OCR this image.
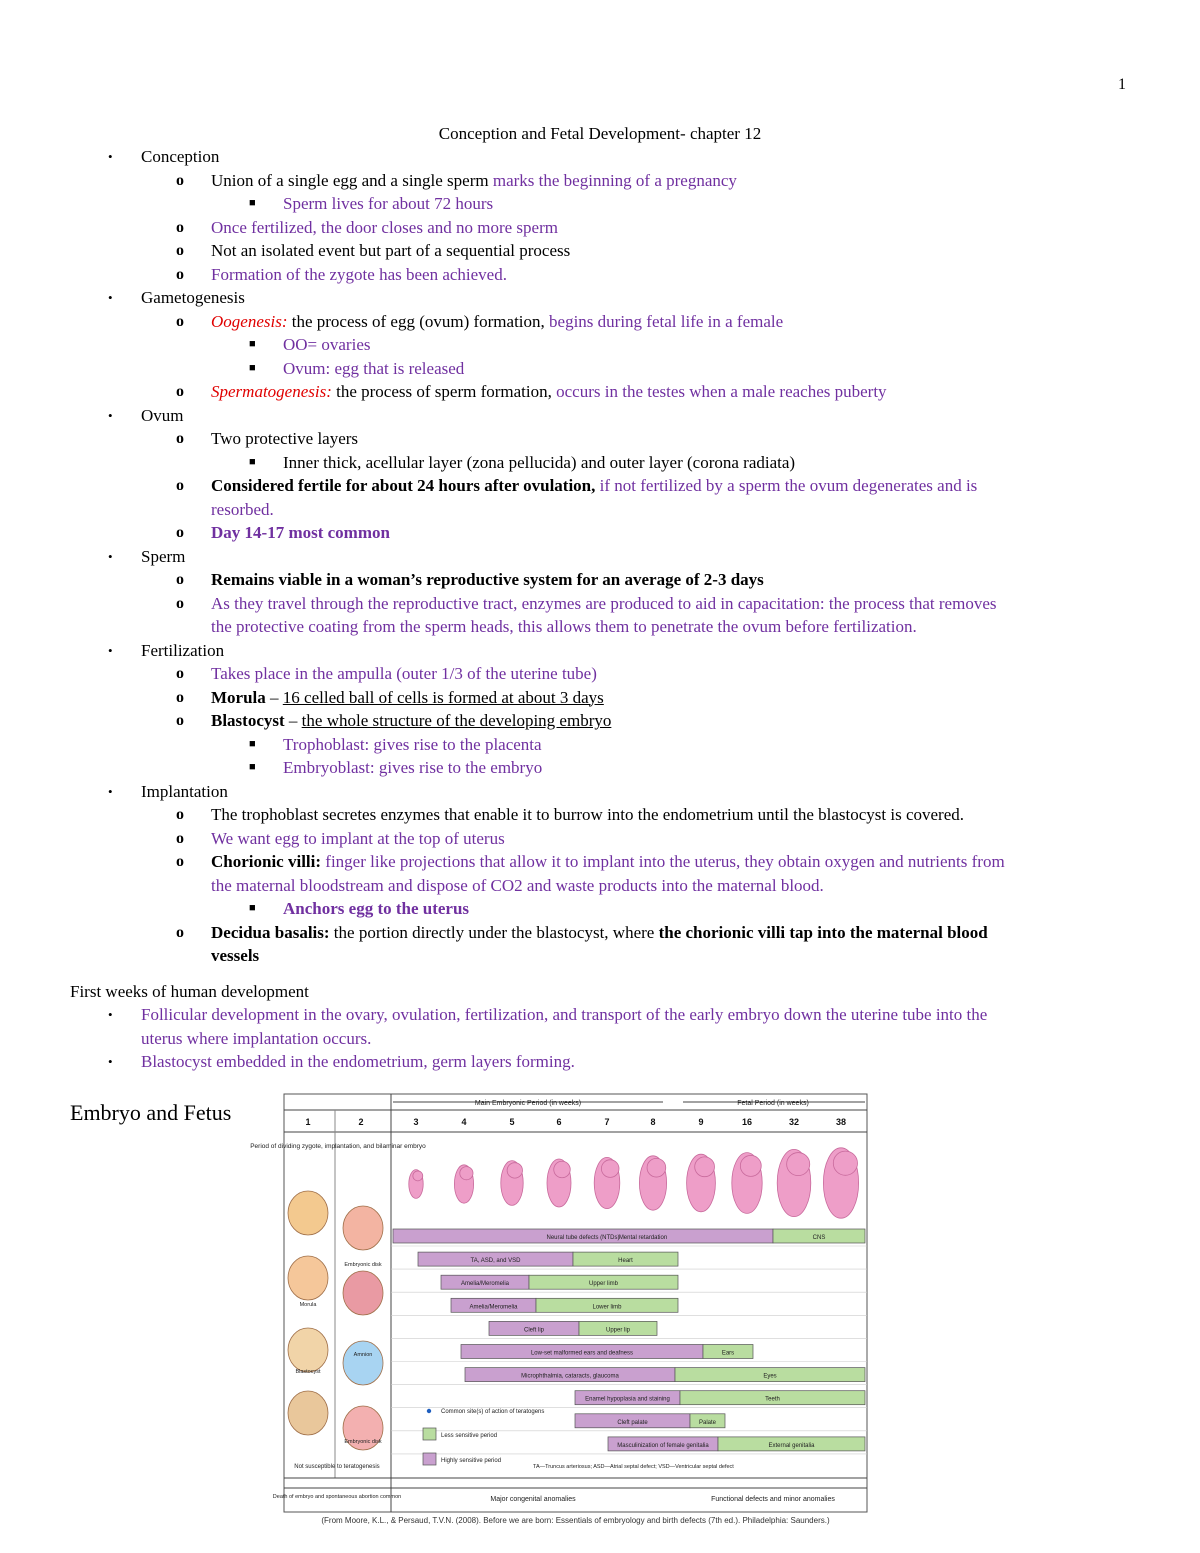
1
Conception and Fetal Development- chapter 12
• Conception
o Union of a single egg and a single sperm marks the beginning of a pregnancy
■ Sperm lives for about 72 hours
o Once fertilized, the door closes and no more sperm
o Not an isolated event but part of a sequential process
o Formation of the zygote has been achieved.
• Gametogenesis
o Oogenesis: the process of egg (ovum) formation, begins during fetal life in a female
■ OO= ovaries
■ Ovum: egg that is released
o Spermatogenesis: the process of sperm formation, occurs in the testes when a male reaches puberty
• Ovum
o Two protective layers
■ Inner thick, acellular layer (zona pellucida) and outer layer (corona radiata)
o Considered fertile for about 24 hours after ovulation, if not fertilized by a sperm the ovum degenerates and is
resorbed.
o Day 14-17 most common
• Sperm
o Remains viable in a woman’s reproductive system for an average of 2-3 days
o As they travel through the reproductive tract, enzymes are produced to aid in capacitation: the process that removes
the protective coating from the sperm heads, this allows them to penetrate the ovum before fertilization.
• Fertilization
o Takes place in the ampulla (outer 1/3 of the uterine tube)
o Morula – 16 celled ball of cells is formed at about 3 days
o Blastocyst – the whole structure of the developing embryo
■ Trophoblast: gives rise to the placenta
■ Embryoblast: gives rise to the embryo
• Implantation
o The trophoblast secretes enzymes that enable it to burrow into the endometrium until the blastocyst is covered.
o We want egg to implant at the top of uterus
o Chorionic villi: finger like projections that allow it to implant into the uterus, they obtain oxygen and nutrients from
the maternal bloodstream and dispose of CO2 and waste products into the maternal blood.
■ Anchors egg to the uterus
o Decidua basalis: the portion directly under the blastocyst, where the chorionic villi tap into the maternal blood
vessels
First weeks of human development
• Follicular development in the ovary, ovulation, fertilization, and transport of the early embryo down the uterine tube into the
uterus where implantation occurs.
• Blastocyst embedded in the endometrium, germ layers forming.
Embryo and Fetus	Main Embryonic Period (in weeks)	Fetal Period (in weeks)
1	2	3	4	5	6	7	8	9	16	32	38
Period of dividing zygote, implantation, and bilaminar embryo
Morula
Blastocyst
Embryonic disk
Amnion
Embryonic disk
Neural tube defects (NTDs)	CNS
TA, ASD, and VSD	Heart
Amelia/Meromelia	Upper limb
Amelia/Meromelia	Lower limb
Cleft lip	Upper lip
Low-set malformed ears and deafness	Ears
Microphthalmia, cataracts, glaucoma	Eyes
Enamel hypoplasia and staining	Teeth
Cleft palate	Palate
Masculinization of female genitalia	External genitalia
Mental retardation
Common site(s) of action of teratogens
Less sensitive period
Highly sensitive period
TA—Truncus arteriosus; ASD—Atrial septal defect; VSD—Ventricular septal defect
Not susceptible to teratogenesis
Death of embryo and spontaneous abortion common	Major congenital anomalies	Functional defects and minor anomalies
(From Moore, K.L., & Persaud, T.V.N. (2008). Before we are born: Essentials of embryology and birth defects (7th ed.). Philadelphia: Saunders.)
